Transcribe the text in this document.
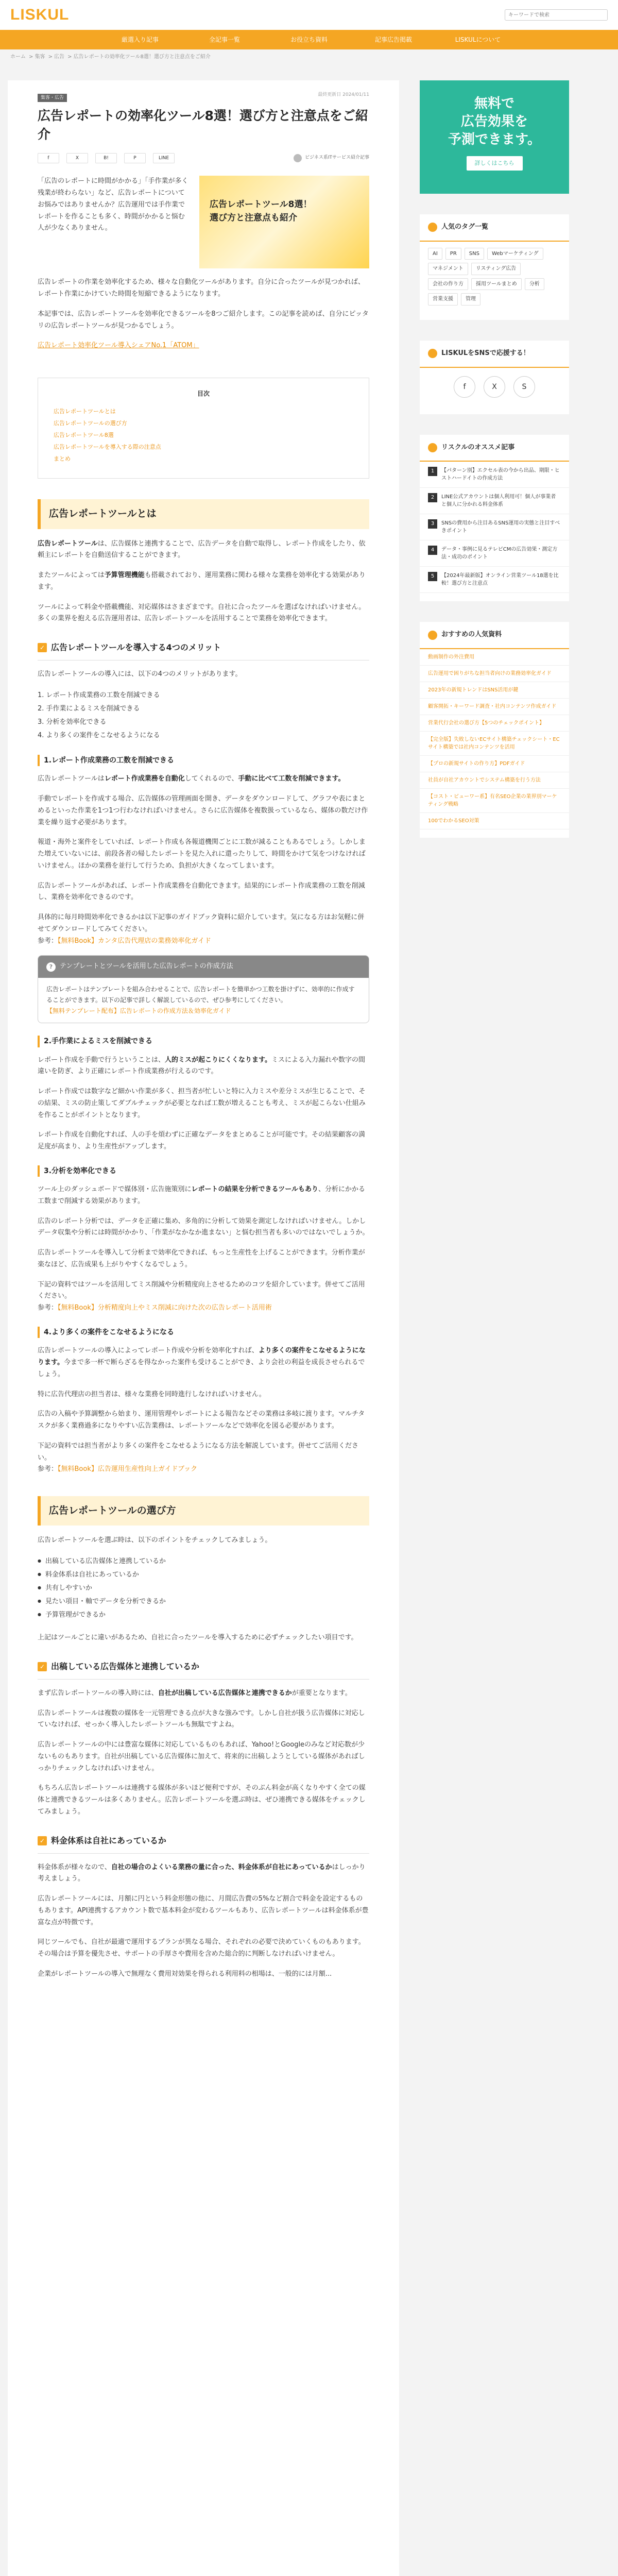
LISKUL
キーワードで検索
厳選入り記事	全記事一覧	お役立ち資料	記事広告掲載	LISKULについて
ホーム > 集客 > 広告 > 広告レポートの効率化ツール8選！選び方と注意点をご紹介
集客・広告
最終更新日 2024/01/11
広告レポートの効率化ツール8選！選び方と注意点をご紹介
f	X	B!	P	LINE	ビジネス系ITサービス紹介記事

「広告のレポートに時間がかかる」「手作業が多く残業が終わらない」など、広告レポートについてお悩みではありませんか？広告運用では手作業でレポートを作ることも多く、時間がかかると悩む人が少なくありません。

広告レポートツール8選！
選び方と注意点も紹介

広告レポートの作業を効率化するため、様々な自動化ツールがあります。自分に合ったツールが見つかれば、レポート作業にかけていた時間を短縮できるようになります。

本記事では、広告レポートツールを効率化できるツールを8つご紹介します。この記事を読めば、自分にピッタリの広告レポートツールが見つかるでしょう。

広告レポート効率化ツール導入シェアNo.1「ATOM」
目次
広告レポートツールとは
広告レポートツールの選び方
広告レポートツール8選
広告レポートツールを導入する際の注意点
まとめ
広告レポートツールとは

広告レポートツールは、広告媒体と連携することで、広告データを自動で取得し、レポート作成をしたり、依頼主にレポートを自動送信することができます。

またツールによっては予算管理機能も搭載されており、運用業務に関わる様々な業務を効率化する効果があります。

ツールによって料金や搭載機能、対応媒体はさまざまです。自社に合ったツールを選ばなければいけません。多くの業界を抱える広告運用者は、広告レポートツールを活用することで業務を効率化できます。

✓ 広告レポートツールを導入する4つのメリット

広告レポートツールの導入には、以下の4つのメリットがあります。

1. レポート作成業務の工数を削減できる
2. 手作業によるミスを削減できる
3. 分析を効率化できる
4. より多くの案件をこなせるようになる
1.レポート作成業務の工数を削減できる

広告レポートツールはレポート作成業務を自動化してくれるので、手動に比べて工数を削減できます。

手動でレポートを作成する場合、広告媒体の管理画面を開き、データをダウンロードして、グラフや表にまとめるといった作業を1つ1つ行わなければいけません。さらに広告媒体を複数扱っているなら、媒体の数だけ作業を繰り返す必要があります。

報道・海外と案件をしていれば、レポート作成も各報道機関ごとに工数が減ることもあるでしょう。しかしまた増えていないには、前段各者の帰したレポートを見た入れに還ったりして、時間をかけて気をつけなければいけません。ほかの業務を並行して行うため、負担が大きくなってしまいます。

広告レポートツールがあれば、レポート作成業務を自動化できます。結果的にレポート作成業務の工数を削減し、業務を効率化できるのです。

具体的に毎月時間効率化できるかは以下記事のガイドブック資料に紹介しています。気になる方はお気軽に併せてダウンロードしてみてください。
参考：【無料Book】カンタ広告代理店の業務効率化ガイド

?	テンプレートとツールを活用した広告レポートの作成方法
広告レポートはテンプレートを組み合わせることで、広告レポートを簡単かつ工数を掛けずに、効率的に作成することができます。以下の記事で詳しく解説しているので、ぜひ参考にしてください。
【無料テンプレート配布】広告レポートの作成方法＆効率化ガイド
2.手作業によるミスを削減できる

レポート作成を手動で行うということは、人的ミスが起こりにくくなります。ミスによる入力漏れや数字の間違いを防ぎ、より正確にレポート作成業務が行えるのです。

レポート作成では数字など細かい作業が多く、担当者が忙しいと特に入力ミスや差分ミスが生じることで、その結果、ミスの防止策してダブルチェックが必要となれば工数が増えることも考え、ミスが起こらない仕組みを作ることがポイントとなります。

レポート作成を自動化すれば、人の手を煩わずに正確なデータをまとめることが可能です。その結果顧客の満足度が高まり、より生産性がアップします。

3.分析を効率化できる

ツール上のダッシュボードで媒体別・広告施策別にレポートの結果を分析できるツールもあり、分析にかかる工数まで削減する効果があります。

広告のレポート分析では、データを正確に集め、多角的に分析して効果を測定しなければいけません。しかしデータ収集や分析には時間がかかり、「作業がなかなか進まない」と悩む担当者も多いのではないでしょうか。

広告レポートツールを導入して分析まで効率化できれば、もっと生産性を上げることができます。分析作業が楽なほど、広告成果も上がりやすくなるでしょう。

下記の資料ではツールを活用してミス削減や分析精度向上させるためのコツを紹介しています。併せてご活用ください。
参考：【無料Book】分析精度向上やミス削減に向けた次の広告レポート活用術

4.より多くの案件をこなせるようになる

広告レポートツールの導入によってレポート作成や分析を効率化すれば、より多くの案件をこなせるようになります。今まで多一杯で断らざるを得なかった案件も受けることができ、より会社の利益を成長させられるでしょう。

特に広告代理店の担当者は、様々な業務を同時進行しなければいけません。

広告の入稿や予算調整から始まり、運用管理やレポートによる報告などその業務は多岐に渡ります。マルチタスクが多く業務過多になりやすい広告業務は、レポートツールなどで効率化を図る必要があります。

下記の資料では担当者がより多くの案件をこなせるようになる方法を解説しています。併せてご活用ください。
参考：【無料Book】広告運用生産性向上ガイドブック

広告レポートツールの選び方

広告レポートツールを選ぶ時は、以下のポイントをチェックしてみましょう。

● 出稿している広告媒体と連携しているか
● 料金体系は自社にあっているか
● 共有しやすいか
● 見たい項目・軸でデータを分析できるか
● 予算管理ができるか

上記はツールごとに違いがあるため、自社に合ったツールを導入するために必ずチェックしたい項目です。

✓ 出稿している広告媒体と連携しているか

まず広告レポートツールの導入時には、自社が出稿している広告媒体と連携できるかが重要となります。

広告レポートツールは複数の媒体を一元管理できる点が大きな強みです。しかし自社が扱う広告媒体に対応していなければ、せっかく導入したレポートツールも無駄ですよね。

広告レポートツールの中には豊富な媒体に対応しているものもあれば、Yahoo!とGoogleのみなど対応数が少ないものもあります。自社が出稿している広告媒体に加えて、将来的に出稿しようとしている媒体があればしっかりチェックしなければいけません。

もちろん広告レポートツールは連携する媒体が多いほど便利ですが、そのぶん料金が高くなりやすく全ての媒体と連携できるツールは多くありません。広告レポートツールを選ぶ時は、ぜひ連携できる媒体をチェックしてみましょう。

✓ 料金体系は自社にあっているか

料金体系が様々なので、自社の場合のよくいる業務の量に合った、料金体系が自社にあっているかはしっかり考えましょう。

広告レポートツールには、月額に円という料金形態の他に、月間広告費の5%など割合で料金を設定するものもあります。API連携するアカウント数で基本料金が変わるツールもあり、広告レポートツールは料金体系が豊富な点が特徴です。

同じツールでも、自社が最適で運用するプランが異なる場合、それぞれの必要で決めていくものもあります。その場合は予算を優先させ、サポートの手厚さや費用を含めた総合的に判断しなければいけません。

企業がレポートツールの導入で無理なく費用対効果を得られる利用料の相場は、一般的には月額...

無料で
広告効果を
予測できます。
詳しくはこちら
人気のタグ一覧
AI	PR	SNS	Webマーケティング
マネジメント	リスティング広告
会社の作り方	採用ツールまとめ	分析
営業支援	管理
LISKULをSNSで応援する！
f	X	S
リスクルのオススメ記事
1	【パターン別】エクセル表の今から出品、期限・ヒストハードイトの作成方法
2	LINE公式アカウントは個人利用可！個人が事業者と個人に分かれる料金体系
3	SNSの費用から注目あるSNS運用の実態と注目すべきポイント
4	データ・事例に見るテレビCMの広告効果・測定方法・成功のポイント
5	【2024年最新版】オンライン営業ツール18選を比較！選び方と注意点
おすすめの人気資料
動画制作の外注費用
広告運用で困りがちな担当者向けの業務効率化ガイド
2023年の新規トレンドはSNS活用が鍵
顧客開拓・キーワード調査・社内コンテンツ作成ガイド
営業代行会社の選び方【5つのチェックポイント】
【完全版】失敗しないECサイト構築チェックシート・ECサイト構築では社内コンテンツを活用
【プロの新規サイトの作り方】PDFガイド
社員が自社アカウントでシステム構築を行う方法
【コスト・ビューワー系】有名SEO企業の業界別マーケティング戦略
100でわかるSEO対策
